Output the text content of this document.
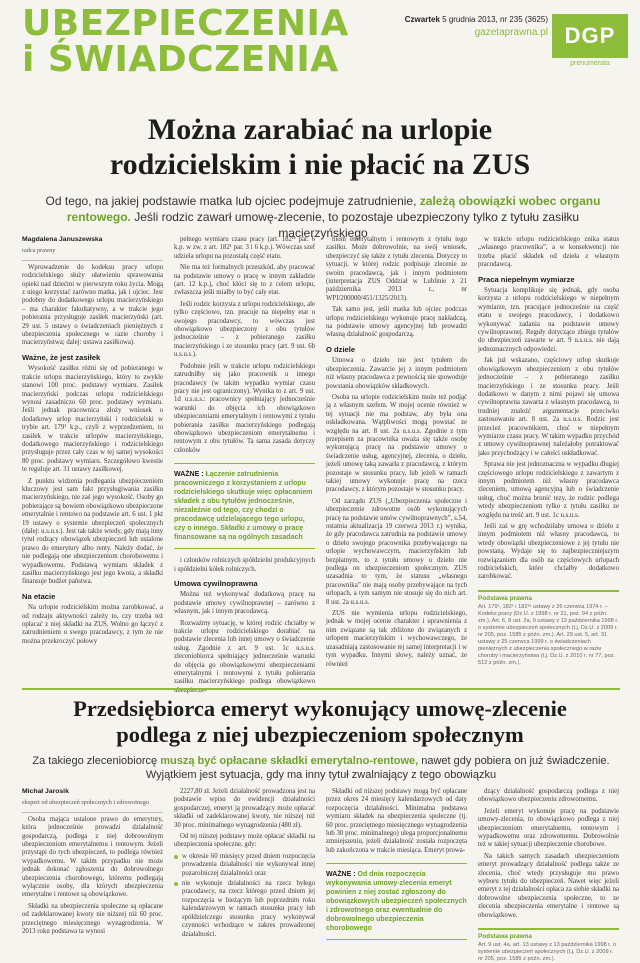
UBEZPIECZENIA
i ŚWIADCZENIA
Czwartek 5 grudnia 2013, nr 235 (3625)
gazetaprawna.pl DGP
prenumerata
Można zarabiać na urlopie
rodzicielskim i nie płacić na ZUS
Od tego, na jakiej podstawie matka lub ojciec podejmuje zatrudnienie, zależą obowiązki wobec organu rentowego. Jeśli rodzic zawarł umowę-zlecenie, to pozostaje ubezpieczony tylko z tytułu zasiłku macierzyńskiego

Magdalena Januszewska

radca prawny

Wprowadzenie do kodeksu pracy urlopu rodzicielskiego służy ułatwieniu sprawowania opieki nad dziećmi w pierwszym roku życia. Mogą z niego korzystać zarówno matka, jak i ojciec. Jest podobny do dodatkowego urlopu macierzyńskiego – ma charakter fakultatywny, a w trakcie jego pobierania przysługuje zasiłek macierzyński (art. 29 ust. 5 ustawy o świadczeniach pieniężnych z ubezpieczenia społecznego w razie choroby i macierzyństwa; dalej: ustawa zasiłkowa).

Ważne, że jest zasiłek

Wysokość zasiłku różni się od pobieranego w trakcie urlopu macierzyńskiego, który to zwykle stanowi 100 proc. podstawy wymiaru. Zasiłek macierzyński podczas urlopu rodzicielskiego wynosi zasadniczo 60 proc. podstawy wymiaru. Jeśli jednak pracownica złoży wniosek o dodatkowy urlop macierzyński i rodzicielski w trybie art. 179¹ k.p., czyli z wyprzedzeniem, to zasiłek w trakcie urlopów macierzyńskiego, dodatkowego macierzyńskiego i rodzicielskiego przysługuje przez cały czas w tej samej wysokości 80 proc. podstawy wymiaru. Szczegółowo kwestie te reguluje art. 31 ustawy zasiłkowej.

Z punktu widzenia podlegania ubezpieczeniom kluczowy jest sam fakt przysługiwania zasiłku macierzyńskiego, nie zaś jego wysokość. Osoby go pobierające są bowiem obowiązkowo ubezpieczone emerytalnie i rentowo na podstawie art. 6 ust. 1 pkt 19 ustawy o systemie ubezpieczeń społecznych (dalej: u.s.u.s.). Jest tak także wtedy, gdy mają inny tytuł rodzący obowiązek ubezpieczeń lub ustalone prawo do emerytury albo renty. Należy dodać, że nie podlegają one ubezpieczeniom chorobowemu i wypadkowemu. Podstawą wymiaru składek z zasiłku macierzyńskiego jest jego kwota, a składki finansuje budżet państwa.

Na etacie

Na urlopie rodzicielskim można zarobkować, a od rodzaju aktywności zależy to, czy trzeba też opłacać z niej składki na ZUS. Wolno go łączyć z zatrudnieniem u swego pracodawcy, z tym że nie można przekroczyć połowy

pełnego wymiaru czasu pracy (art. 182¹ᵉ par. 6 k.p. w zw. z art. 182¹ par. 3 i 6 k.p.). Wówczas szef udziela urlopu na pozostałą część etatu.

Nie ma też formalnych przeszkód, aby pracować na podstawie umowy o pracę w innym zakładzie (art. 12 k.p.), choć kłóci się to z celem urlopu, zwłaszcza jeśli miałby to być cały etat.

Jeśli rodzic korzysta z urlopu rodzicielskiego, ale tylko częściowo, tzn. pracuje na niepełny etat u swojego pracodawcy, to wówczas jest obowiązkowo ubezpieczony z obu tytułów jednocześnie – z pobieranego zasiłku macierzyńskiego i ze stosunku pracy (art. 9 ust. 6b u.s.u.s.).

Podobnie jeśli w trakcie urlopu rodzicielskiego zatrudniłby się jako pracownik u innego pracodawcy (w takim wypadku wymiar czasu pracy nie jest ograniczony). Wynika to z art. 9 ust. 1d u.s.u.s.: pracownicy spełniający jednocześnie warunki do objęcia ich obowiązkowo ubezpieczeniami emerytalnym i rentowymi z tytułu pobierania zasiłku macierzyńskiego podlegają obowiązkowo ubezpieczeniom emerytalnemu i rentowym z obu tytułów. Ta sama zasada dotyczy członków

WAŻNE : Łączenie zatrudnienia pracowniczego z korzystaniem z urlopu rodzicielskiego skutkuje więc opłacaniem składek z obu tytułów jednocześnie, niezależnie od tego, czy chodzi o pracodawcę udzielającego tego urlopu, czy o innego. Składki z umowy o pracę finansowane są na ogólnych zasadach

i członków rolniczych spółdzielni produkcyjnych i spółdzielni kółek rolniczych.

Umowa cywilnoprawna

Można też wykonywać dodatkową pracę na podstawie umowy cywilnoprawnej – zarówno z własnym, jak i innym pracodawcą.

Rozważmy sytuację, w której rodzic chciałby w trakcie urlopu rodzicielskiego dorabiać na podstawie zlecenia lub innej umowy o świadczenie usług. Zgodnie z art. 9 ust. 1c u.s.u.s. zleceniobiorca spełniający jednocześnie warunki do objęcia go obowiązkowymi ubezpieczeniami emerytalnymi i rentowymi z tytułu pobierania zasiłku macierzyńskiego podlega obowiązkowo ubezpiecze-

niom emerytalnym i rentowym z tytułu tego zasiłku. Może dobrowolnie, na swój wniosek, ubezpieczyć się także z tytułu zlecenia. Dotyczy to sytuacji, w której rodzic podpisuje zlecenie ze swoim pracodawcą, jak i innym podmiotem (interpretacja ZUS Oddział w Lublinie z 21 października 2013 r., nr WPI/200000/451/1325/2013).

Tak samo jest, jeśli matka lub ojciec podczas urlopu rodzicielskiego wykonuje pracę nakładczą, na podstawie umowy agencyjnej lub prowadzi własną działalność gospodarczą.

O dziele

Umowa o dzieło nie jest tytułem do ubezpieczenia. Zawarcie jej z innym podmiotem niż własny pracodawca z pewnością nie spowoduje powstania obowiązków składkowych.

Osoba na urlopie rodzicielskim może też podjąć ją z własnym szefem. W mojej ocenie również w tej sytuacji nie ma podstaw, aby była ona oskładkowana. Wątpliwości mogą powstać ze względu na art. 8 ust. 2a u.s.u.s. Zgodnie z tym przepisem za pracownika uważa się także osobę wykonującą pracę na podstawie umowy o świadczenie usług, agencyjnej, zlecenia, o dzieło, jeżeli umowę taką zawarła z pracodawcą, z którym pozostaje w stosunku pracy, lub jeżeli w ramach takiej umowy wykonuje pracę na rzecz pracodawcy, z którym pozostaje w stosunku pracy.

Od zarządu ZUS („Ubezpieczenia społeczne i ubezpieczenie zdrowotne osób wykonujących pracę na podstawie umów cywilnoprawnych”, s.54, ostatnia aktualizacja 19 czerwca 2013 r.) wynika, że gdy pracodawca zatrudnia na podstawie umowy o dzieło swojego pracownika przebywającego na urlopie wychowawczym, macierzyńskim lub bezpłatnym, to z tytułu umowy o dzieło nie podlega on ubezpieczeniom społecznym. ZUS uzasadnia to tym, że statusu „własnego pracownika” nie mają osoby przebywające na tych urlopach, a tym samym nie stosuje się do nich art. 8 ust. 2a u.s.u.s.

ZUS nie wymienia urlopu rodzicielskiego, jednak w mojej ocenie charakter i uprawnienia z nim związane są tak zbliżone do związanych z urlopem macierzyńskim i wychowawczego, że uzasadniają zastosowanie tej samej interpretacji i w tym wypadku. Innymi słowy, należy uznać, że również

w trakcie urlopu rodzicielskiego znika status „własnego pracownika”, a w konsekwencji nie trzeba płacić składek od dzieła z własnym pracodawcą.

Praca niepełnym wymiarze

Sytuacja komplikuje się jednak, gdy osoba korzysta z urlopu rodzicielskiego w niepełnym wymiarze, tzn. pracujące jednocześnie na część etatu u swojego pracodawcy, i dodatkowo wykonywać zadania na podstawie umowy cywilnoprawnej. Reguły dotyczące zbiegu tytułów do ubezpieczeń zawarte w art. 9 u.s.u.s. nie dają jednoznacznych odpowiedzi.

Jak już wskazano, częściowy urlop skutkuje obowiązkowym ubezpieczeniem z obu tytułów jednocześnie – z pobieranego zasiłku macierzyńskiego i ze stosunku pracy. Jeśli dodatkowo w danym z nimi pojawi się umowa cywilnoprawna zawarta z własnym pracodawcą, to trudniej znaleźć argumentacje przeciwko zastosowaniu art. 8 ust. 2a u.s.u.s. Rodzic jest przecież pracownikiem, choć w niepełnym wymiarze czasu pracy. W takim wypadku przychód z umowy cywilnoprawnej należałoby potraktować jako przychodzący i w całości oskładkować.

Sprawa nie jest jednoznaczna w wypadku długiej częściowego urlopu rodzicielskiego z zawartym z innym podmiotem niż własny pracodawca zleceniem, umową agencyjną lub o świadczenie usług, choć można bronić tezy, że rodzic podlega wtedy ubezpieczeniom tylko z tytułu zasiłku ze względu na treść art. 9 ust. 1c u.s.u.s.

Jeśli zaś w grę wchodziłaby umowa o dzieło z innym podmiotem niż własny pracodawca, to wtedy obowiązki ubezpieczeniowe z jej tytułu nie powstaną. Wydaje się to najbezpieczniejszym rozwiązaniem dla osób na częściowych urlopach rodzicielskich, które chciałby dodatkowo zarobkować.

Podstawa prawna
Art. 179¹, 182¹ i 182¹ᵉ ustawy z 26 czerwca 1974 r. – Kodeks pracy (Dz.U. z 1998 r. nr 21, poz. 94 z późn. zm.). Art. 6, 8 ust. 2a, 9 ustawy z 13 października 1998 r. o systemie ubezpieczeń społecznych (t.j. Dz.U. z 2009 r. nr 205, poz. 1585 z późn. zm.). Art. 29 ust. 5, art. 31 ustawy z 25 czerwca 1999 r. o świadczeniach pieniężnych z ubezpieczenia społecznego w razie choroby i macierzyństwa (t.j. Dz.U. z 2010 r. nr 77, poz. 512 z późn. zm.).
Przedsiębiorca emeryt wykonujący umowę-zlecenie
podlega z niej ubezpieczeniom społecznym
Za takiego zleceniobiorcę muszą być opłacane składki emerytalno-rentowe, nawet gdy pobiera on już świadczenie. Wyjątkiem jest sytuacja, gdy ma inny tytuł zwalniający z tego obowiązku

Michał Jarosik

ekspert od ubezpieczeń społecznych i zdrowotnego

Osoba mająca ustalone prawo do emerytury, która jednocześnie prowadzi działalność gospodarczą, podlega z niej dobrowolnym ubezpieczeniom emerytalnemu i rentowym. Jeżeli przystąpi do tych ubezpieczeń, to podlega również wypadkowemu. W takim przypadku nie może jednak dokonać zgłoszenia do dobrowolnego ubezpieczenia chorobowego, któremu podlegają wyłącznie osoby, dla których ubezpieczenia emerytalne i rentowe są obowiązkowe.

Składki na ubezpieczenia społeczne są opłacane od zadeklarowanej kwoty nie niższej niż 60 proc. przeciętnego miesięcznego wynagrodzenia. W 2013 roku podstawa ta wynosi

2227,80 zł. Jeżeli działalność prowadzona jest na podstawie wpisu do ewidencji działalności gospodarczej, emeryt ją prowadzący może opłacać składki od zadeklarowanej kwoty, nie niższej niż 30 proc. minimalnego wynagrodzenia (480 zł).

Od tej niższej podstawy może opłacać składki na ubezpieczenia społeczne, gdy:

w okresie 60 miesięcy przed dniem rozpoczęcia prowadzenia działalności nie wykonywał innej pozarolniczej działalności oraz
nie wykonuje działalności na rzecz byłego pracodawcy, na rzecz którego przed dniem jej rozpoczęcia w bieżącym lub poprzednim roku kalendarzowym w ramach stosunku pracy lub spółdzielczego stosunku pracy wykonywał czynności wchodzące w zakres prowadzonej działalności.

Składki od niższej podstawy mogą być opłacane przez okres 24 miesięcy kalendarzowych od daty rozpoczęcia działalności. Minimalna podstawa wymiaru składek na ubezpieczenia społeczne (tj. 60 proc. przeciętnego miesięcznego wynagrodzenia lub 30 proc. minimalnego) ulega proporcjonalnemu zmniejszeniu, jeżeli działalność została rozpoczęta lub zakończona w trakcie miesiąca. Emeryt prowa-

WAŻNE : Od dnia rozpoczęcia wykonywania umowy-zlecenia emeryt powinien z niej zostać zgłoszony do obowiązkowych ubezpieczeń społecznych i zdrowotnego oraz ewentualnie do dobrowolnego ubezpieczenia chorobowego

dzący działalność gospodarczą podlega z niej obowiązkowo ubezpieczeniu zdrowotnemu.

Jeżeli emeryt wykonuje pracę na podstawie umowy-zlecenia, to obowiązkowo podlega z niej ubezpieczeniom emerytalnemu, rentowym i wypadkowemu oraz zdrowotnemu. Dobrowolnie też w takiej sytuacji ubezpieczenie chorobowe.

Na takich samych zasadach ubezpieczeniom emeryt prowadzący działalność podlega także ze zlecenia, choć wtedy przysługuje mu prawo wyboru tytułu do ubezpieczeń. Nawet więc jeżeli emeryt z tej działalności opłaca za siebie składki na dobrowolne ubezpieczenia społeczne, to ze zlecenia ubezpieczenia emerytalne i rentowe są obowiązkowe.

Podstawa prawna
Art. 9 ust. 4a, art. 13 ustawy z 13 października 1998 r. o systemie ubezpieczeń społecznych (t.j. Dz.U. z 2009 r. nr 205, poz. 1585 z późn. zm.).
